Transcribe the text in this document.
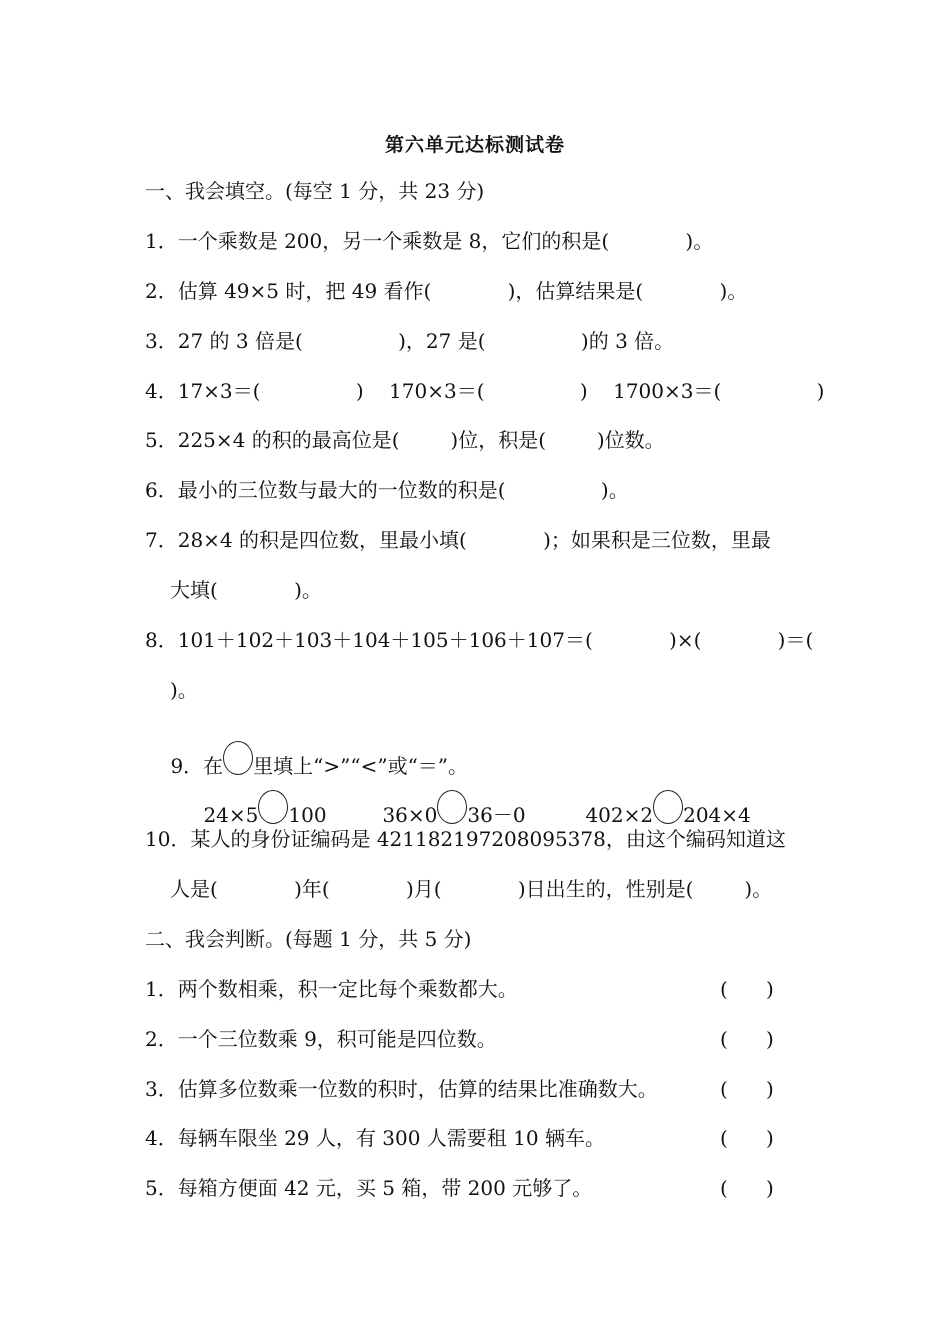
第六单元达标测试卷
一、我会填空。(每空 1 分，共 23 分)
1．一个乘数是 200，另一个乘数是 8，它们的积是(            )。
2．估算 49×5 时，把 49 看作(            )，估算结果是(            )。
3．27 的 3 倍是(               )，27 是(               )的 3 倍。
4．17×3＝(               )    170×3＝(               )    1700×3＝(               )
5．225×4 的积的最高位是(        )位，积是(        )位数。
6．最小的三位数与最大的一位数的积是(               )。
7．28×4 的积是四位数，里最小填(            )；如果积是三位数，里最
大填(            )。
8．101＋102＋103＋104＋105＋106＋107＝(            )×(            )＝(
)。

9．在 里填上“>”“<”或“＝”。

24×5 100
	36×0 36－0
	402×2 204×4

10．某人的身份证编码是 421182197208095378，由这个编码知道这
人是(            )年(            )月(            )日出生的，性别是(        )。
二、我会判断。(每题 1 分，共 5 分)
1．两个数相乘，积一定比每个乘数都大。	(      )
2．一个三位数乘 9，积可能是四位数。	(      )
3．估算多位数乘一位数的积时，估算的结果比准确数大。	(      )
4．每辆车限坐 29 人，有 300 人需要租 10 辆车。	(      )
5．每箱方便面 42 元，买 5 箱，带 200 元够了。	(      )
